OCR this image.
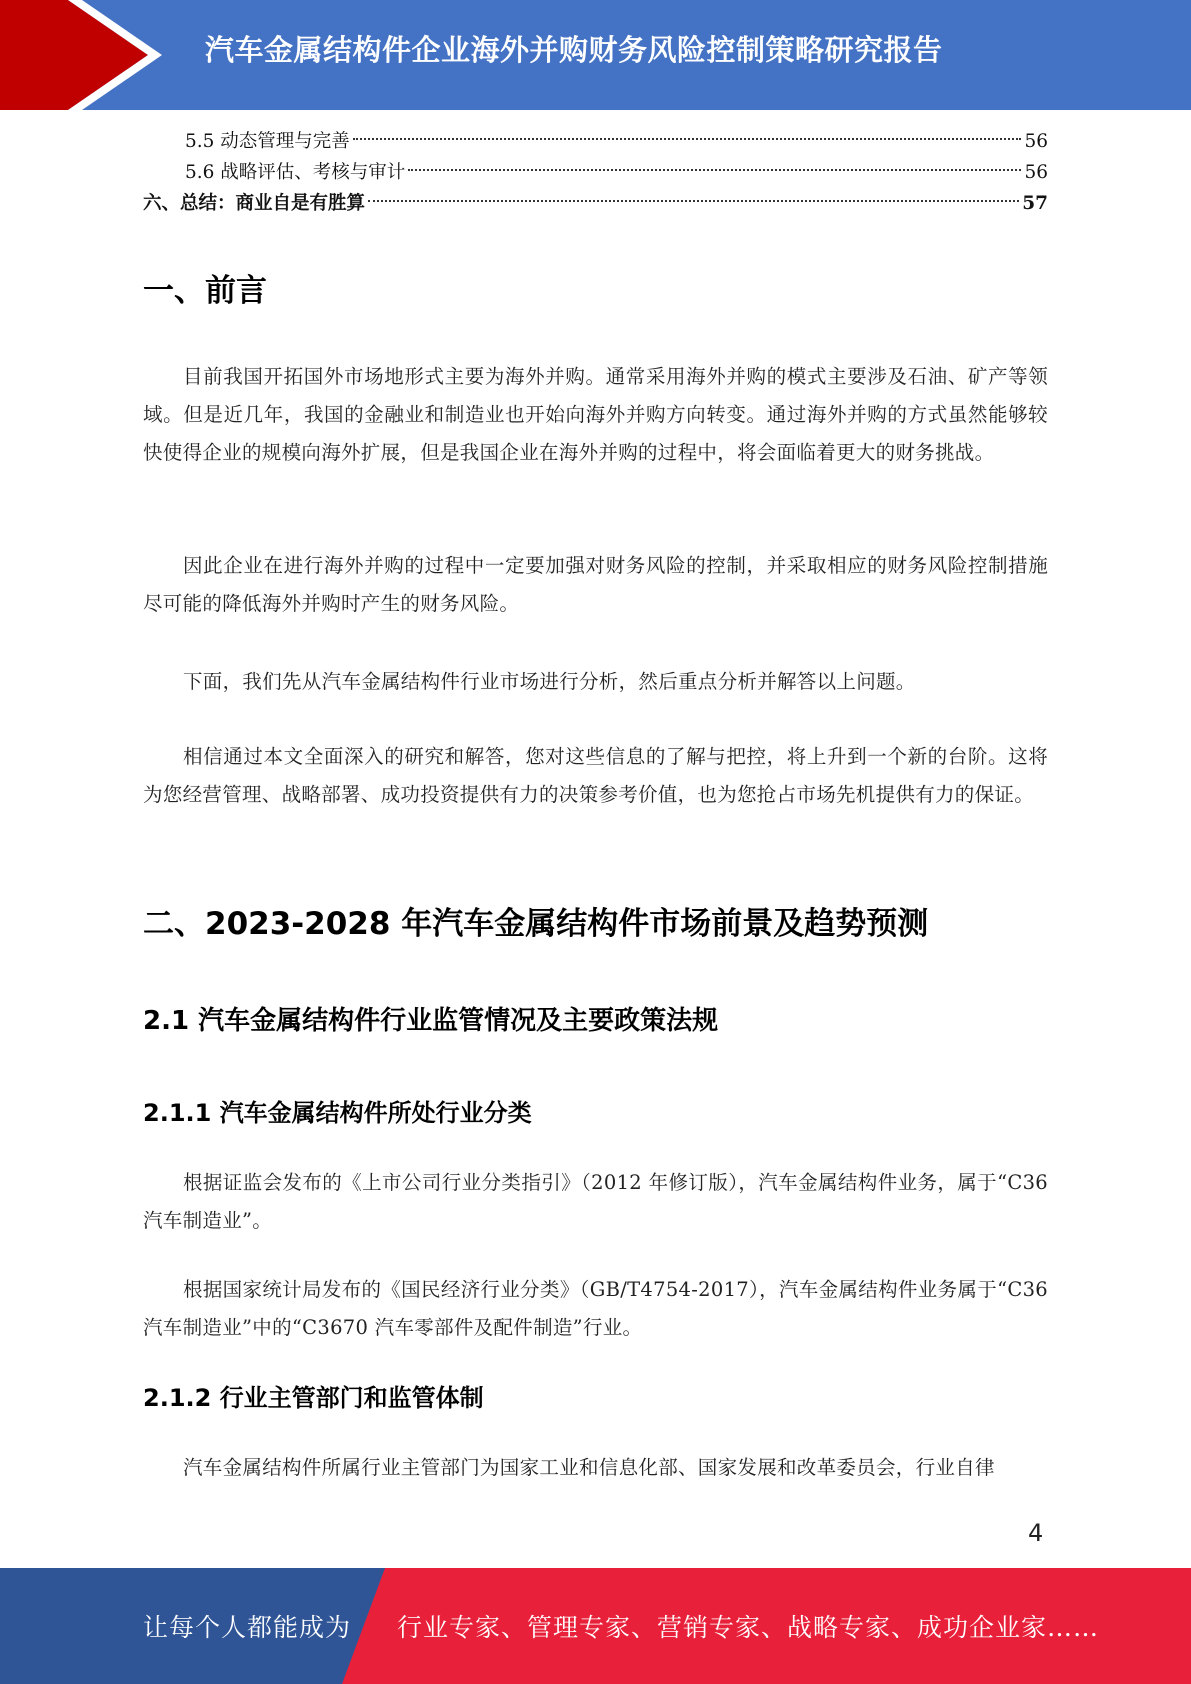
汽车金属结构件企业海外并购财务风险控制策略研究报告
5.5 动态管理与完善	56
5.6 战略评估、考核与审计	56
六、总结：商业自是有胜算	57
一、前言

目前我国开拓国外市场地形式主要为海外并购。通常采用海外并购的模式主要涉及石油、矿产等领域。但是近几年，我国的金融业和制造业也开始向海外并购方向转变。通过海外并购的方式虽然能够较快使得企业的规模向海外扩展，但是我国企业在海外并购的过程中，将会面临着更大的财务挑战。

因此企业在进行海外并购的过程中一定要加强对财务风险的控制，并采取相应的财务风险控制措施尽可能的降低海外并购时产生的财务风险。

下面，我们先从汽车金属结构件行业市场进行分析，然后重点分析并解答以上问题。

相信通过本文全面深入的研究和解答，您对这些信息的了解与把控，将上升到一个新的台阶。这将为您经营管理、战略部署、成功投资提供有力的决策参考价值，也为您抢占市场先机提供有力的保证。

二、2023-2028 年汽车金属结构件市场前景及趋势预测
2.1 汽车金属结构件行业监管情况及主要政策法规
2.1.1 汽车金属结构件所处行业分类

根据证监会发布的《上市公司行业分类指引》（2012 年修订版），汽车金属结构件业务，属于“C36 汽车制造业”。

根据国家统计局发布的《国民经济行业分类》（GB/T4754-2017），汽车金属结构件业务属于“C36 汽车制造业”中的“C3670 汽车零部件及配件制造”行业。

2.1.2 行业主管部门和监管体制

汽车金属结构件所属行业主管部门为国家工业和信息化部、国家发展和改革委员会，行业自律

4
让每个人都能成为 行业专家、管理专家、营销专家、战略专家、成功企业家……
